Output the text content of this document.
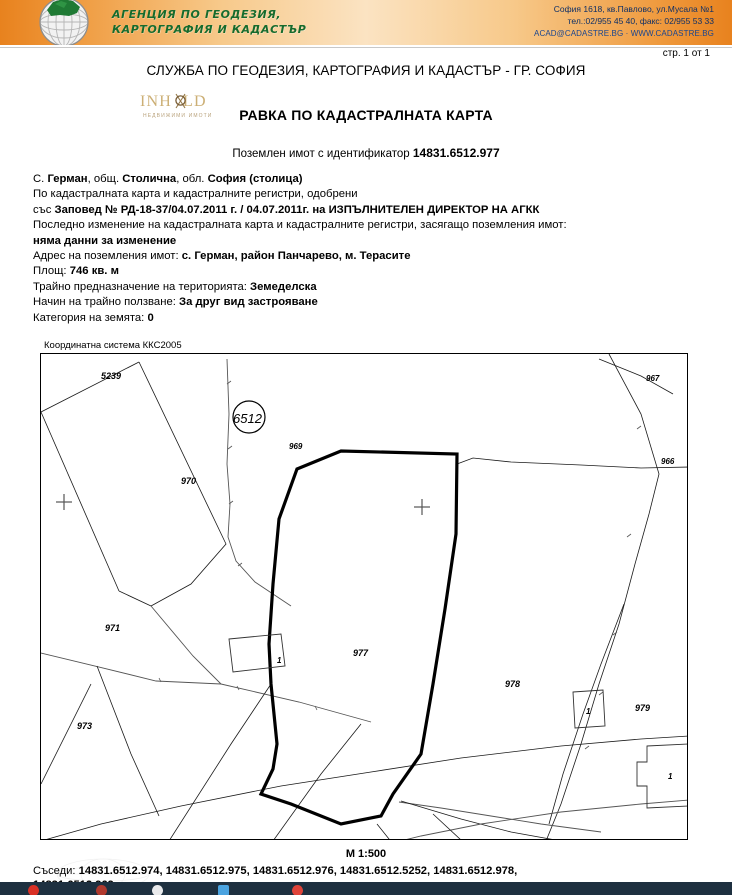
АГЕНЦИЯ ПО ГЕОДЕЗИЯ,
КАРТОГРАФИЯ И КАДАСТЪР
София 1618, кв.Павлово, ул.Мусала №1
тел.:02/955 45 40, факс: 02/955 53 33
ACAD@CADASTRE.BG · WWW.CADASTRE.BG
стр. 1 от 1
СЛУЖБА ПО ГЕОДЕЗИЯ, КАРТОГРАФИЯ И КАДАСТЪР - ГР. СОФИЯ
INH LD
НЕДВИЖИМИ ИМОТИ	РАВКА ПО КАДАСТРАЛНАТА КАРТА
Поземлен имот с идентификатор 14831.6512.977
С. Герман, общ. Столична, обл. София (столица)
По кадастралната карта и кадастралните регистри, одобрени
със Заповед № РД-18-37/04.07.2011 г. / 04.07.2011г. на ИЗПЪЛНИТЕЛЕН ДИРЕКТОР НА АГКК
Последно изменение на кадастралната карта и кадастралните регистри, засягащо поземления имот:
няма данни за изменение
Адрес на поземления имот: с. Герман, район Панчарево, м. Терасите
Площ: 746 кв. м
Трайно предназначение на територията: Земеделска
Начин на трайно ползване: За друг вид застрояване
Категория на земята: 0
Координатна система ККС2005
6512
5239
970
969
967
966
971
973
977
978
979
1
1
1
M 1:500
Съседи: 14831.6512.974, 14831.6512.975, 14831.6512.976, 14831.6512.5252, 14831.6512.978,
